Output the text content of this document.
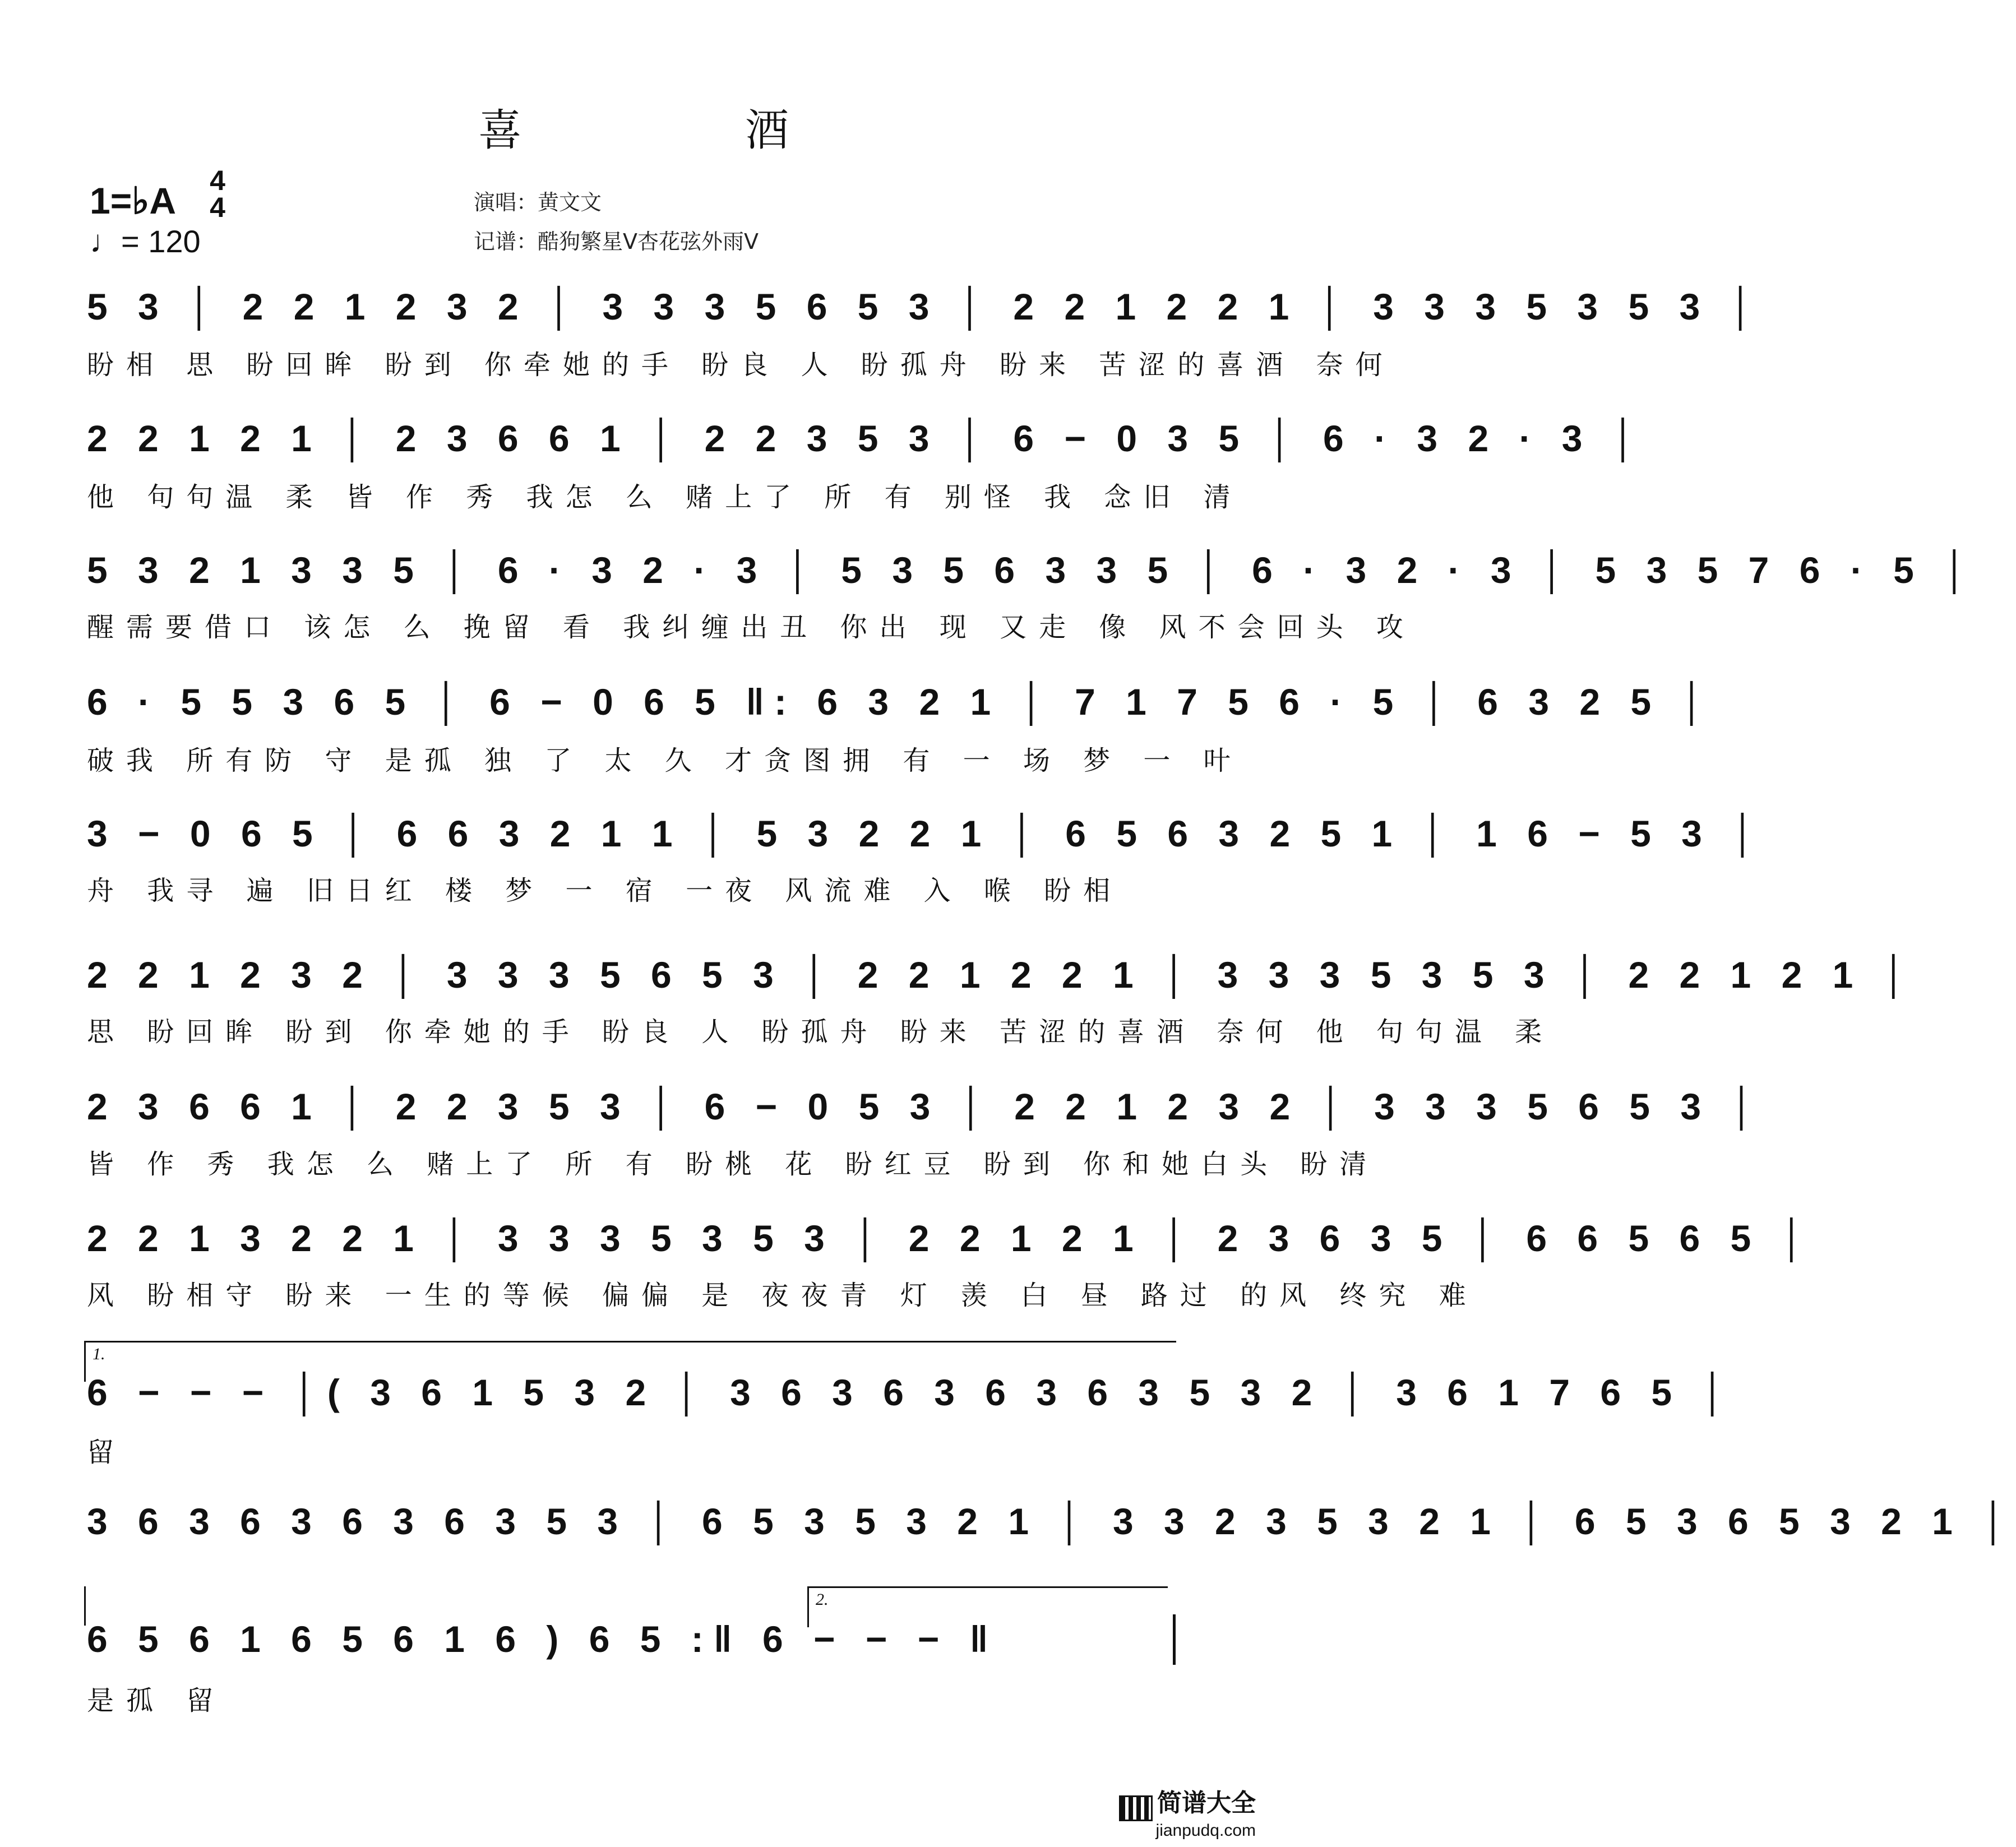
喜　酒
1=♭A 4
4
♩= 120
演唱：黄文文
记谱：酷狗繁星V杏花弦外雨V
5 3 │ 2 2 1 2 3 2 │ 3 3 3 5 6 5 3 │ 2 2 1 2 2 1 │ 3 3 3 5 3 5 3 │
盼相 思 盼回眸 盼到 你牵她的手 盼良 人 盼孤舟 盼来 苦涩的喜酒 奈何
2 2 1 2 1 │ 2 3 6 6 1 │ 2 2 3 5 3 │ 6 − 0 3 5 │ 6 · 3 2 · 3 │
他 句句温 柔 皆 作 秀 我怎 么 赌上了 所 有 别怪 我 念旧 清
5 3 2 1 3 3 5 │ 6 · 3 2 · 3 │ 5 3 5 6 3 3 5 │ 6 · 3 2 · 3 │ 5 3 5 7 6 · 5 │
醒需要借口 该怎 么 挽留 看 我纠缠出丑 你出 现 又走 像 风不会回头 攻
6 · 5 5 3 6 5 │ 6 − 0 6 5 ‖: 6 3 2 1 │ 7 1 7 5 6 · 5 │ 6 3 2 5 │
破我 所有防 守 是孤 独 了 太 久 才贪图拥 有 一 场 梦 一 叶
3 − 0 6 5 │ 6 6 3 2 1 1 │ 5 3 2 2 1 │ 6 5 6 3 2 5 1 │ 1 6 − 5 3 │
舟 我寻 遍 旧日红 楼 梦 一 宿 一夜 风流难 入 喉 盼相
2 2 1 2 3 2 │ 3 3 3 5 6 5 3 │ 2 2 1 2 2 1 │ 3 3 3 5 3 5 3 │ 2 2 1 2 1 │
思 盼回眸 盼到 你牵她的手 盼良 人 盼孤舟 盼来 苦涩的喜酒 奈何 他 句句温 柔
2 3 6 6 1 │ 2 2 3 5 3 │ 6 − 0 5 3 │ 2 2 1 2 3 2 │ 3 3 3 5 6 5 3 │
皆 作 秀 我怎 么 赌上了 所 有 盼桃 花 盼红豆 盼到 你和她白头 盼清
2 2 1 3 2 2 1 │ 3 3 3 5 3 5 3 │ 2 2 1 2 1 │ 2 3 6 3 5 │ 6 6 5 6 5 │
风 盼相守 盼来 一生的等候 偏偏 是 夜夜青 灯 羡 白 昼 路过 的风 终究 难
1.
6 − − − │( 3 6 1 5 3 2 │ 3 6 3 6 3 6 3 6 3 5 3 2 │ 3 6 1 7 6 5 │
留
3 6 3 6 3 6 3 6 3 5 3 │ 6 5 3 5 3 2 1 │ 3 3 2 3 5 3 2 1 │ 6 5 3 6 5 3 2 1 │
2.
6 5 6 1 6 5 6 1 6 ) 6 5 :‖ 6 − − − ‖
是孤 留
简谱大全
jianpudq.com
